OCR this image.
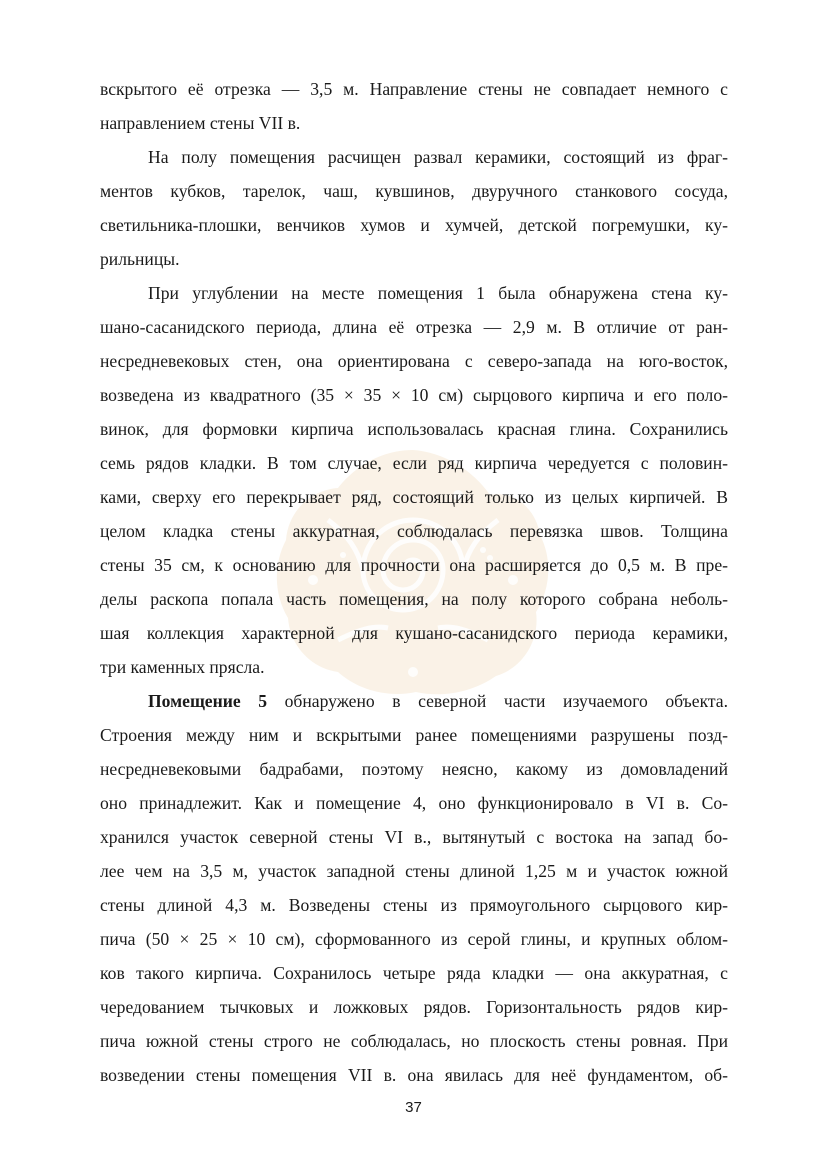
вскрытого её отрезка — 3,5 м. Направление стены не совпадает немного с
направлением стены VII в.
На полу помещения расчищен развал керамики, состоящий из фраг-
ментов кубков, тарелок, чаш, кувшинов, двуручного станкового сосуда,
светильника-плошки, венчиков хумов и хумчей, детской погремушки, ку-
рильницы.
При углублении на месте помещения 1 была обнаружена стена ку-
шано-сасанидского периода, длина её отрезка — 2,9 м. В отличие от ран-
несредневековых стен, она ориентирована с северо-запада на юго-восток,
возведена из квадратного (35 × 35 × 10 см) сырцового кирпича и его поло-
винок, для формовки кирпича использовалась красная глина. Сохранились
семь рядов кладки. В том случае, если ряд кирпича чередуется с половин-
ками, сверху его перекрывает ряд, состоящий только из целых кирпичей. В
целом кладка стены аккуратная, соблюдалась перевязка швов. Толщина
стены 35 см, к основанию для прочности она расширяется до 0,5 м. В пре-
делы раскопа попала часть помещения, на полу которого собрана неболь-
шая коллекция характерной для кушано-сасанидского периода керамики,
три каменных прясла.
Помещение 5 обнаружено в северной части изучаемого объекта.
Строения между ним и вскрытыми ранее помещениями разрушены позд-
несредневековыми бадрабами, поэтому неясно, какому из домовладений
оно принадлежит. Как и помещение 4, оно функционировало в VI в. Со-
хранился участок северной стены VI в., вытянутый с востока на запад бо-
лее чем на 3,5 м, участок западной стены длиной 1,25 м и участок южной
стены длиной 4,3 м. Возведены стены из прямоугольного сырцового кир-
пича (50 × 25 × 10 см), сформованного из серой глины, и крупных облом-
ков такого кирпича. Сохранилось четыре ряда кладки — она аккуратная, с
чередованием тычковых и ложковых рядов. Горизонтальность рядов кир-
пича южной стены строго не соблюдалась, но плоскость стены ровная. При
возведении стены помещения VII в. она явилась для неё фундаментом, об-
37
